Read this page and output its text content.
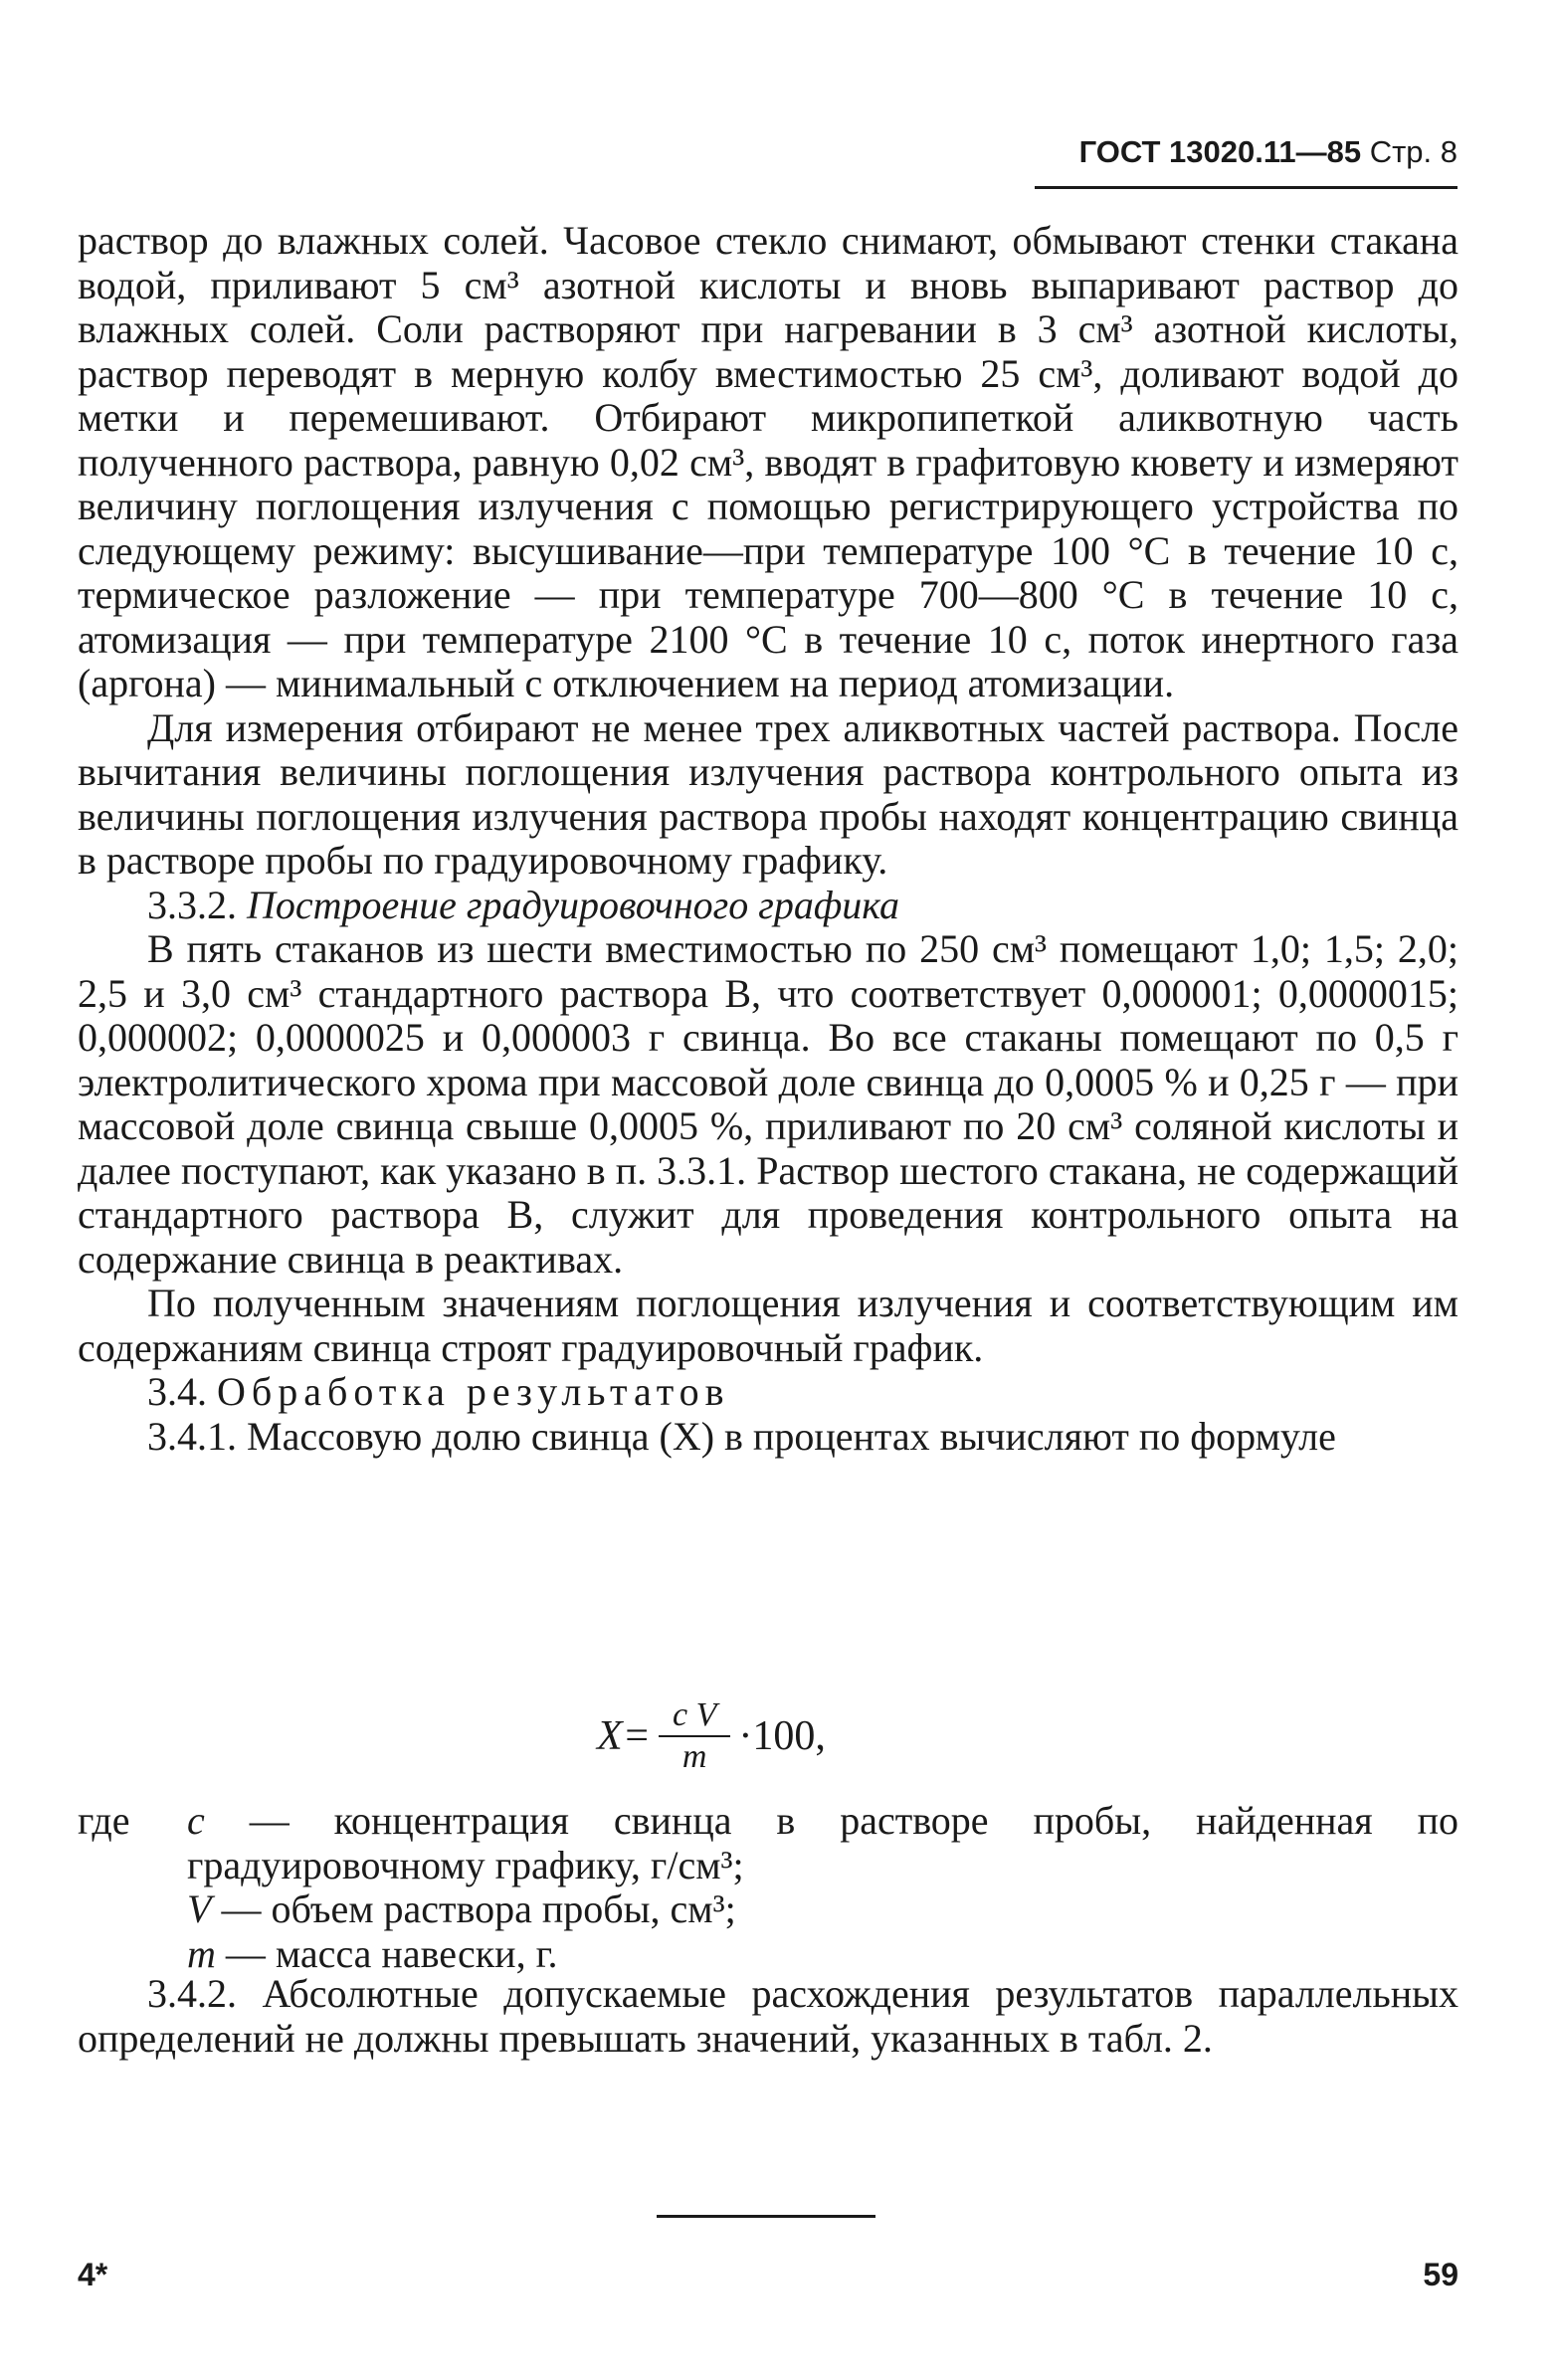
ГОСТ 13020.11—85 Стр. 8

раствор до влажных солей. Часовое стекло снимают, обмывают стенки стакана водой, приливают 5 см³ азотной кислоты и вновь выпаривают раствор до влажных солей. Соли растворяют при нагревании в 3 см³ азотной кислоты, раствор переводят в мерную колбу вместимостью 25 см³, доливают водой до метки и перемешивают. Отбирают микропипеткой аликвотную часть полученного раствора, равную 0,02 см³, вводят в графитовую кювету и измеряют величину поглощения излучения с помощью регистрирующего устройства по следующему режиму: высушивание—при температуре 100 °С в течение 10 с, термическое разложение — при температуре 700—800 °С в течение 10 с, атомизация — при температуре 2100 °С в течение 10 с, поток инертного газа (аргона) — минимальный с отключением на период атомизации.

Для измерения отбирают не менее трех аликвотных частей раствора. После вычитания величины поглощения излучения раствора контрольного опыта из величины поглощения излучения раствора пробы находят концентрацию свинца в растворе пробы по градуировочному графику.

3.3.2. Построение градуировочного графика

В пять стаканов из шести вместимостью по 250 см³ помещают 1,0; 1,5; 2,0; 2,5 и 3,0 см³ стандартного раствора В, что соответствует 0,000001; 0,0000015; 0,000002; 0,0000025 и 0,000003 г свинца. Во все стаканы помещают по 0,5 г электролитического хрома при массовой доле свинца до 0,0005 % и 0,25 г — при массовой доле свинца свыше 0,0005 %, приливают по 20 см³ соляной кислоты и далее поступают, как указано в п. 3.3.1. Раствор шестого стакана, не содержащий стандартного раствора В, служит для проведения контрольного опыта на содержание свинца в реактивах.

По полученным значениям поглощения излучения и соответствующим им содержаниям свинца строят градуировочный график.

3.4. Обработка результатов

3.4.1. Массовую долю свинца (X) в процентах вычисляют по формуле

$X= \frac{\text{c V}}{m} \cdot 100$,
где	c — концентрация свинца в растворе пробы, найденная по градуировочному графику, г/см³;
V — объем раствора пробы, см³;
m — масса навески, г.

3.4.2. Абсолютные допускаемые расхождения результатов параллельных определений не должны превышать значений, указанных в табл. 2.

4*	59
